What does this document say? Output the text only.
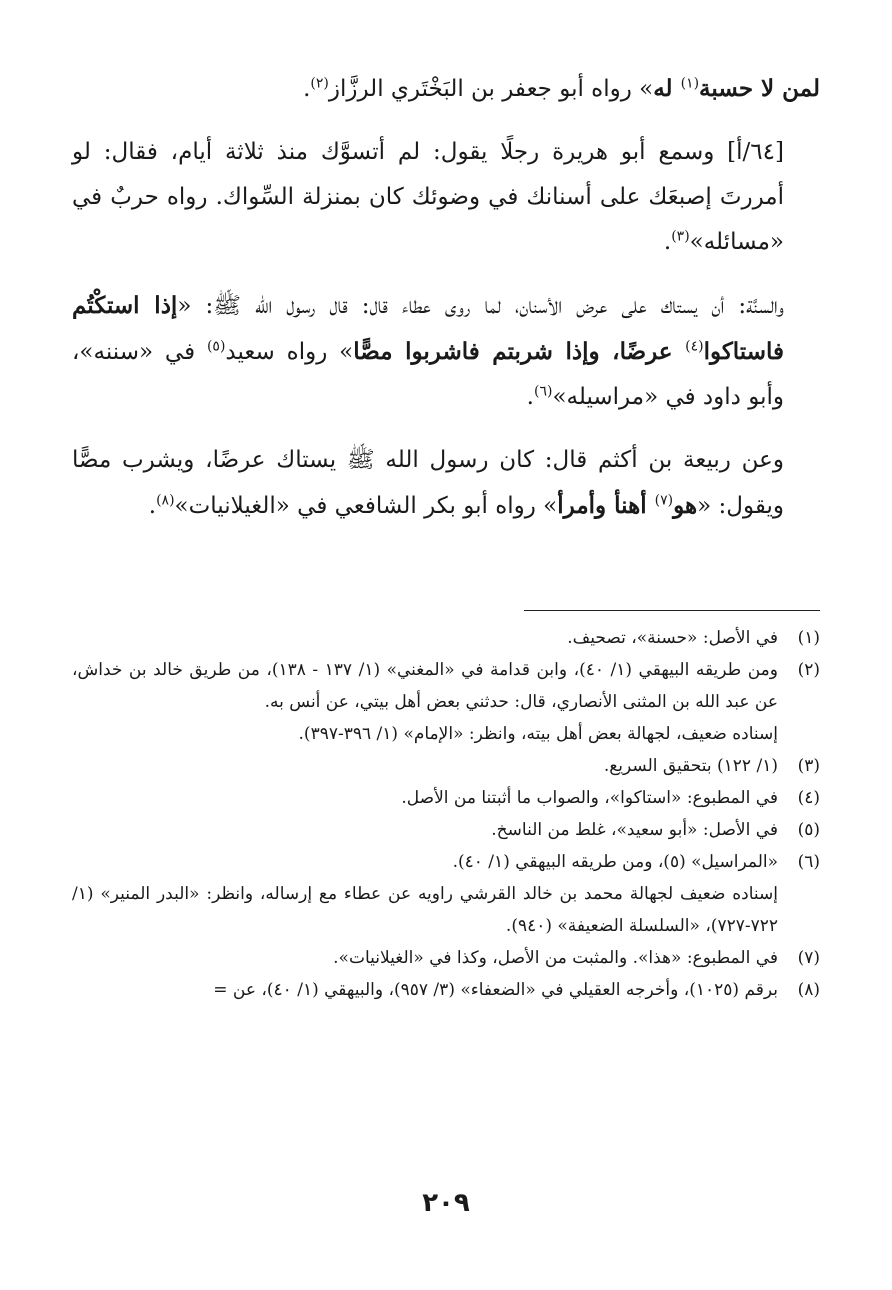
لمن لا حسبة$^{(١)}$ له» رواه أبو جعفر بن البَخْتَري الرزَّاز$^{(٢)}$.

[٦٤/أ] وسمع أبو هريرة رجلًا يقول: لم أتسوَّك منذ ثلاثة أيام، فقال: لو أمررتَ إصبعَك على أسنانك في وضوئك كان بمنزلة السِّواك. رواه حربٌ في «مسائله»$^{(٣)}$.

والسنَّة: أن يستاك على عرض الأسنان، لما روى عطاء قال: قال رسول الله ﷺ: «إذا استكْتُم فاستاكوا$^{(٤)}$ عرضًا، وإذا شربتم فاشربوا مصًّا» رواه سعيد$^{(٥)}$ في «سننه»، وأبو داود في «مراسيله»$^{(٦)}$.

وعن ربيعة بن أكثم قال: كان رسول الله ﷺ يستاك عرضًا، ويشرب مصًّا ويقول: «هو$^{(٧)}$ أهنأ وأمرأ» رواه أبو بكر الشافعي في «الغيلانيات»$^{(٨)}$.

(١)
في الأصل: «حسنة»، تصحيف.
(٢)
ومن طريقه البيهقي (١/ ٤٠)، وابن قدامة في «المغني» (١/ ١٣٧ - ١٣٨)، من طريق خالد بن خداش، عن عبد الله بن المثنى الأنصاري، قال: حدثني بعض أهل بيتي، عن أنس به.
إسناده ضعيف، لجهالة بعض أهل بيته، وانظر: «الإمام» (١/ ٣٩٦-٣٩٧).
(٣)
(١/ ١٢٢) بتحقيق السريع.
(٤)
في المطبوع: «استاكوا»، والصواب ما أثبتنا من الأصل.
(٥)
في الأصل: «أبو سعيد»، غلط من الناسخ.
(٦)
«المراسيل» (٥)، ومن طريقه البيهقي (١/ ٤٠).
إسناده ضعيف لجهالة محمد بن خالد القرشي راويه عن عطاء مع إرساله، وانظر: «البدر المنير» (١/ ٧٢٢-٧٢٧)، «السلسلة الضعيفة» (٩٤٠).
(٧)
في المطبوع: «هذا». والمثبت من الأصل، وكذا في «الغيلانيات».
(٨)
برقم (١٠٢٥)، وأخرجه العقيلي في «الضعفاء» (٣/ ٩٥٧)، والبيهقي (١/ ٤٠)، عن =
٢٠٩
